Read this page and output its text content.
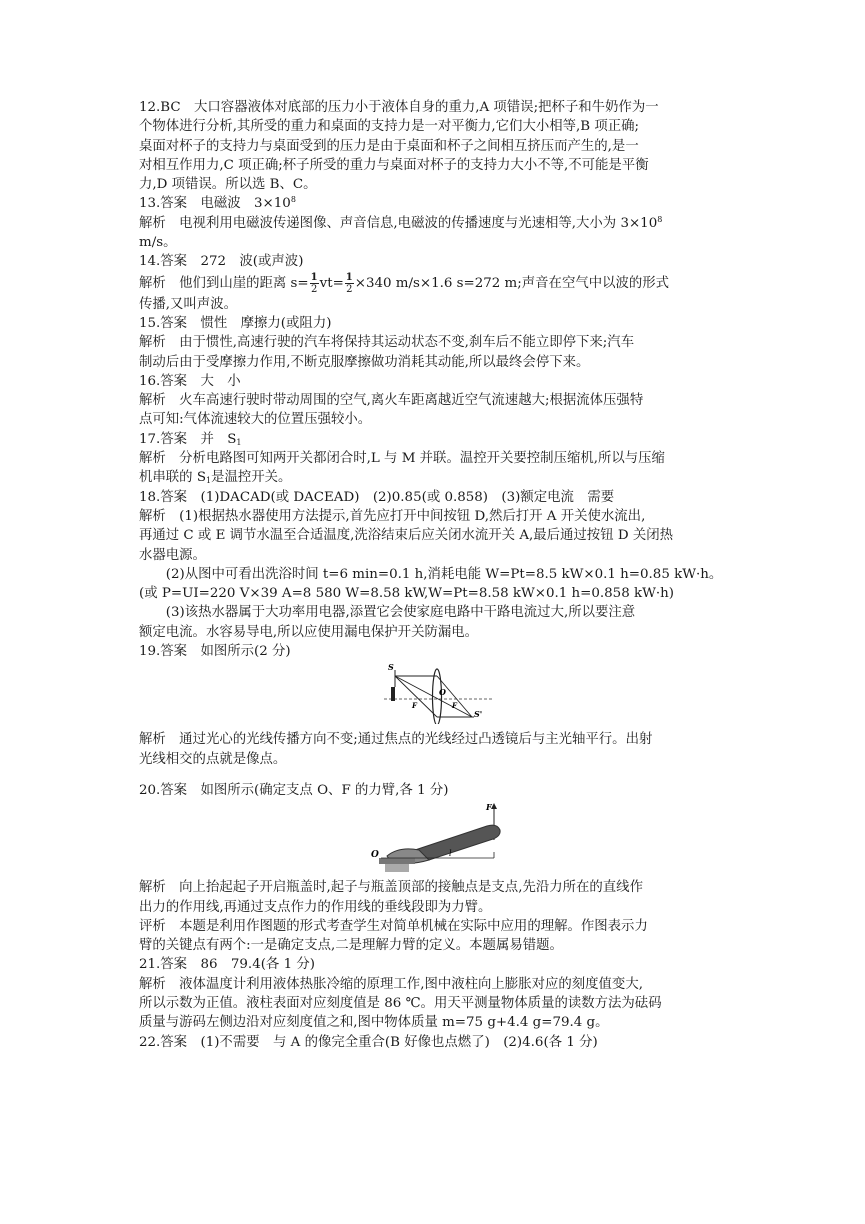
12.BC　大口容器液体对底部的压力小于液体自身的重力,A 项错误;把杯子和牛奶作为一

个物体进行分析,其所受的重力和桌面的支持力是一对平衡力,它们大小相等,B 项正确;

桌面对杯子的支持力与桌面受到的压力是由于桌面和杯子之间相互挤压而产生的,是一

对相互作用力,C 项正确;杯子所受的重力与桌面对杯子的支持力大小不等,不可能是平衡

力,D 项错误。所以选 B、C。

13.答案　电磁波　$3\times 10^8$

解析　电视利用电磁波传递图像、声音信息,电磁波的传播速度与光速相等,大小为 $3\times 10^8$

m/s。

14.答案　272　波(或声波)

解析　他们到山崖的距离 $s= \frac{1}{2} vt= \frac{1}{2} \times 340$ m/s×1.6 s=272 m;声音在空气中以波的形式

传播,又叫声波。

15.答案　惯性　摩擦力(或阻力)

解析　由于惯性,高速行驶的汽车将保持其运动状态不变,刹车后不能立即停下来;汽车

制动后由于受摩擦力作用,不断克服摩擦做功消耗其动能,所以最终会停下来。

16.答案　大　小

解析　火车高速行驶时带动周围的空气,离火车距离越近空气流速越大;根据流体压强特

点可知:气体流速较大的位置压强较小。

17.答案　并　$S_1$

解析　分析电路图可知两开关都闭合时,L 与 M 并联。温控开关要控制压缩机,所以与压缩

机串联的 $S_1$是温控开关。

18.答案　(1)DACAD(或 DACEAD)　(2)0.85(或 0.858)　(3)额定电流　需要

解析　(1)根据热水器使用方法提示,首先应打开中间按钮 D,然后打开 A 开关使水流出,

再通过 C 或 E 调节水温至合适温度,洗浴结束后应关闭水流开关 A,最后通过按钮 D 关闭热

水器电源。

(2)从图中可看出洗浴时间 t=6 min=0.1 h,消耗电能 W=Pt=8.5 kW×0.1 h=0.85 kW·h。

(或 P=UI=220 V×39 A=8 580 W=8.58 kW,W=Pt=8.58 kW×0.1 h=0.858 kW·h)

(3)该热水器属于大功率用电器,添置它会使家庭电路中干路电流过大,所以要注意

额定电流。水容易导电,所以应使用漏电保护开关防漏电。

19.答案　如图所示(2 分)

S
O
F	F
S'

解析　通过光心的光线传播方向不变;通过焦点的光线经过凸透镜后与主光轴平行。出射

光线相交的点就是像点。

20.答案　如图所示(确定支点 O、F 的力臂,各 1 分)

F
O	l

解析　向上抬起起子开启瓶盖时,起子与瓶盖顶部的接触点是支点,先沿力所在的直线作

出力的作用线,再通过支点作力的作用线的垂线段即为力臂。

评析　本题是利用作图题的形式考查学生对简单机械在实际中应用的理解。作图表示力

臂的关键点有两个:一是确定支点,二是理解力臂的定义。本题属易错题。

21.答案　86　79.4(各 1 分)

解析　液体温度计利用液体热胀冷缩的原理工作,图中液柱向上膨胀对应的刻度值变大,

所以示数为正值。液柱表面对应刻度值是 86 ℃。用天平测量物体质量的读数方法为砝码

质量与游码左侧边沿对应刻度值之和,图中物体质量 m=75 g+4.4 g=79.4 g。

22.答案　(1)不需要　与 A 的像完全重合(B 好像也点燃了)　(2)4.6(各 1 分)
